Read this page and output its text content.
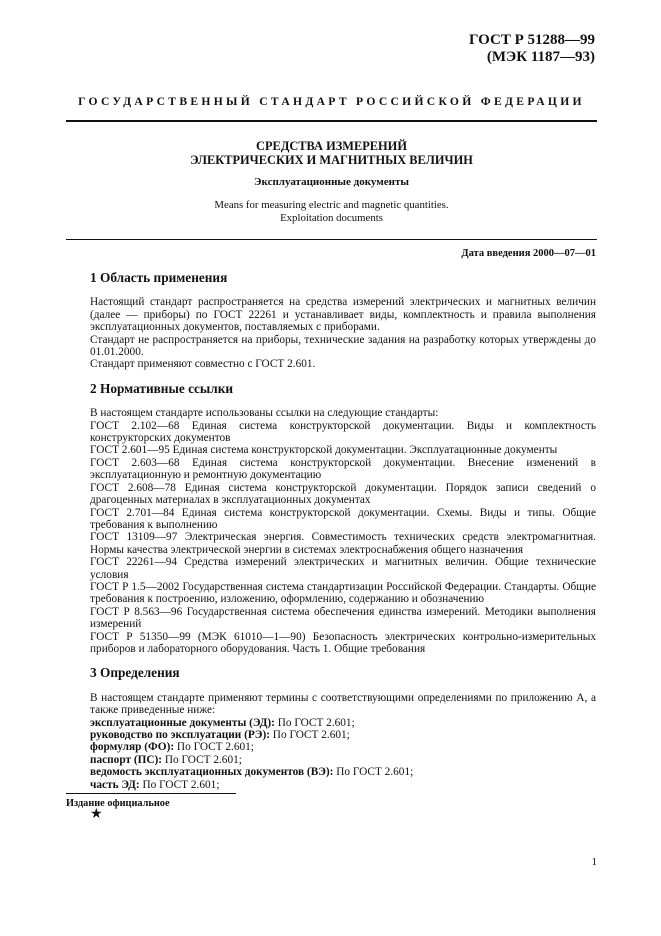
ГОСТ Р 51288—99
(МЭК 1187—93)
ГОСУДАРСТВЕННЫЙ СТАНДАРТ РОССИЙСКОЙ ФЕДЕРАЦИИ
СРЕДСТВА ИЗМЕРЕНИЙ
ЭЛЕКТРИЧЕСКИХ И МАГНИТНЫХ ВЕЛИЧИН
Эксплуатационные документы
Means for measuring electric and magnetic quantities.
Exploitation documents
Дата введения 2000—07—01
1 Область применения

Настоящий стандарт распространяется на средства измерений электрических и магнитных величин (далее — приборы) по ГОСТ 22261 и устанавливает виды, комплектность и правила выполнения эксплуатационных документов, поставляемых с приборами.

Стандарт не распространяется на приборы, технические задания на разработку которых утверждены до 01.01.2000.

Стандарт применяют совместно с ГОСТ 2.601.

2 Нормативные ссылки

В настоящем стандарте использованы ссылки на следующие стандарты:

ГОСТ 2.102—68 Единая система конструкторской документации. Виды и комплектность конструкторских документов

ГОСТ 2.601—95 Единая система конструкторской документации. Эксплуатационные документы

ГОСТ 2.603—68 Единая система конструкторской документации. Внесение изменений в эксплуатационную и ремонтную документацию

ГОСТ 2.608—78 Единая система конструкторской документации. Порядок записи сведений о драгоценных материалах в эксплуатационных документах

ГОСТ 2.701—84 Единая система конструкторской документации. Схемы. Виды и типы. Общие требования к выполнению

ГОСТ 13109—97 Электрическая энергия. Совместимость технических средств электромагнитная. Нормы качества электрической энергии в системах электроснабжения общего назначения

ГОСТ 22261—94 Средства измерений электрических и магнитных величин. Общие технические условия

ГОСТ Р 1.5—2002 Государственная система стандартизации Российской Федерации. Стандарты. Общие требования к построению, изложению, оформлению, содержанию и обозначению

ГОСТ Р 8.563—96 Государственная система обеспечения единства измерений. Методики выполнения измерений

ГОСТ Р 51350—99 (МЭК 61010—1—90) Безопасность электрических контрольно-измерительных приборов и лабораторного оборудования. Часть 1. Общие требования

3 Определения

В настоящем стандарте применяют термины с соответствующими определениями по приложению А, а также приведенные ниже:

эксплуатационные документы (ЭД): По ГОСТ 2.601;

руководство по эксплуатации (РЭ): По ГОСТ 2.601;

формуляр (ФО): По ГОСТ 2.601;

паспорт (ПС): По ГОСТ 2.601;

ведомость эксплуатационных документов (ВЭ): По ГОСТ 2.601;

часть ЭД: По ГОСТ 2.601;

Издание официальное
★
1
